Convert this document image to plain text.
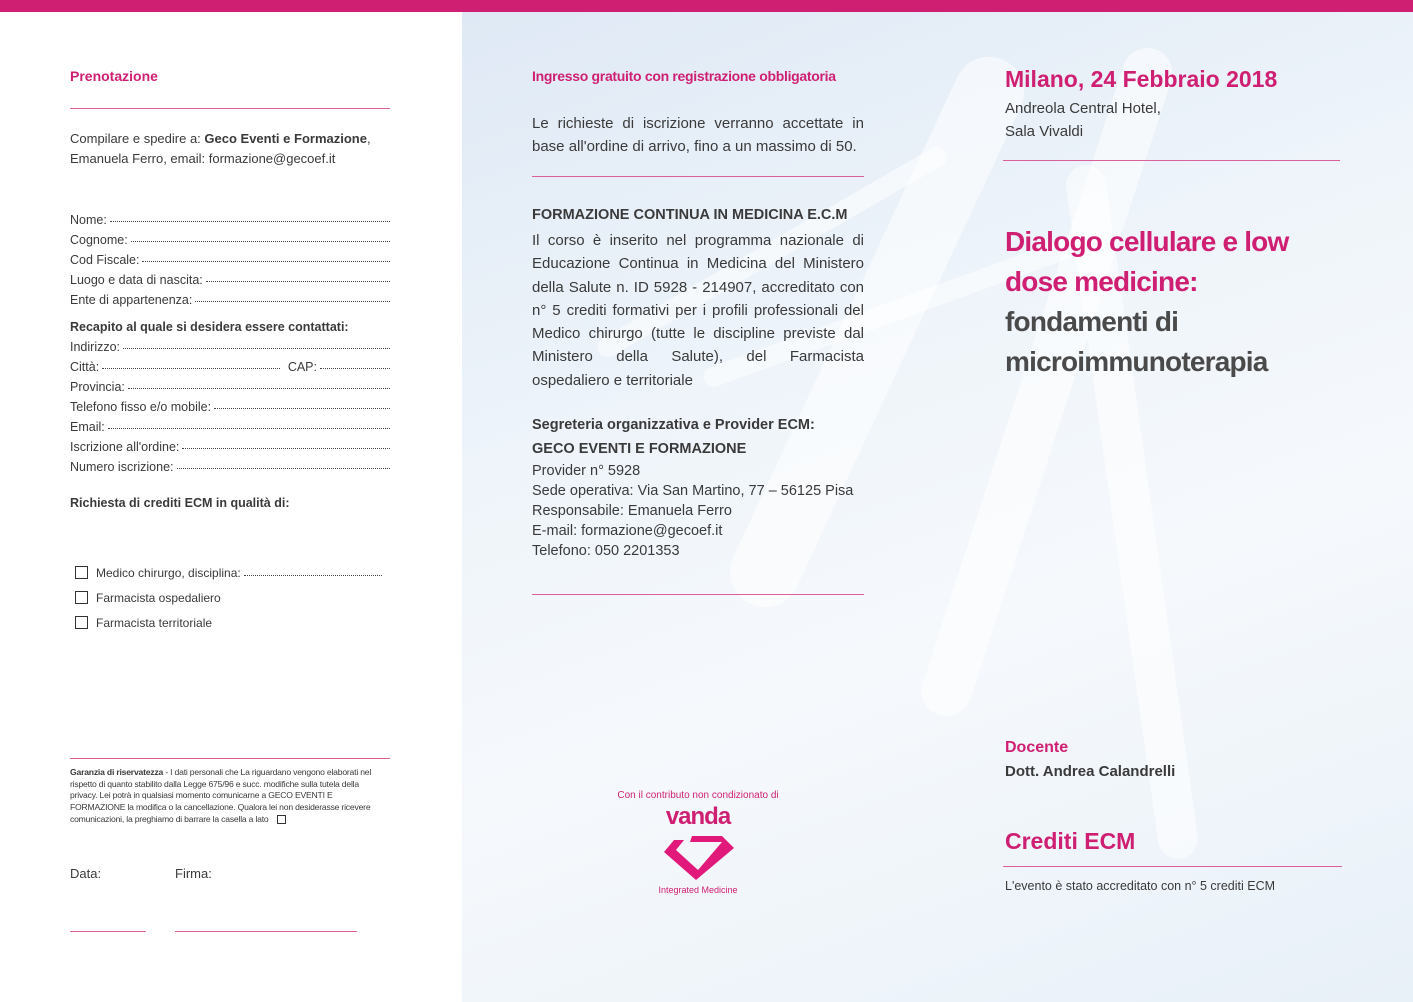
Prenotazione
Compilare e spedire a: Geco Eventi e Formazione,
Emanuela Ferro, email: formazione@gecoef.it
Nome:
Cognome:
Cod Fiscale:
Luogo e data di nascita:
Ente di appartenenza:
Recapito al quale si desidera essere contattati:
Indirizzo:
Città:	CAP:
Provincia:
Telefono fisso e/o mobile:
Email:
Iscrizione all'ordine:
Numero iscrizione:
Richiesta di crediti ECM in qualità di:
Medico chirurgo, disciplina:
Farmacista ospedaliero
Farmacista territoriale
Garanzia di riservatezza - I dati personali che La riguardano vengono elaborati nel rispetto di quanto stabilito dalla Legge 675/96 e succ. modifiche sulla tutela della privacy. Lei potrà in qualsiasi momento comunicarne a GECO EVENTI E FORMAZIONE la modifica o la cancellazione. Qualora lei non desiderasse ricevere comunicazioni, la preghiamo di barrare la casella a lato
Data:	Firma:
Ingresso gratuito con registrazione obbligatoria
Le richieste di iscrizione verranno accettate in base all'ordine di arrivo, fino a un massimo di 50.
FORMAZIONE CONTINUA IN MEDICINA E.C.M
Il corso è inserito nel programma nazionale di Educazione Continua in Medicina del Ministero della Salute n. ID 5928 - 214907, accreditato con n° 5 crediti formativi per i profili professionali del Medico chirurgo (tutte le discipline previste dal Ministero della Salute), del Farmacista ospedaliero e territoriale
Segreteria organizzativa e Provider ECM:
GECO EVENTI E FORMAZIONE
Provider n° 5928
Sede operativa: Via San Martino, 77 – 56125 Pisa
Responsabile: Emanuela Ferro
E-mail: formazione@gecoef.it
Telefono: 050 2201353
Con il contributo non condizionato di
vanda
Integrated Medicine
Milano, 24 Febbraio 2018
Andreola Central Hotel,
Sala Vivaldi
Dialogo cellulare e low
dose medicine:
fondamenti di
microimmunoterapia
Docente
Dott. Andrea Calandrelli
Crediti ECM
L'evento è stato accreditato con n° 5 crediti ECM
